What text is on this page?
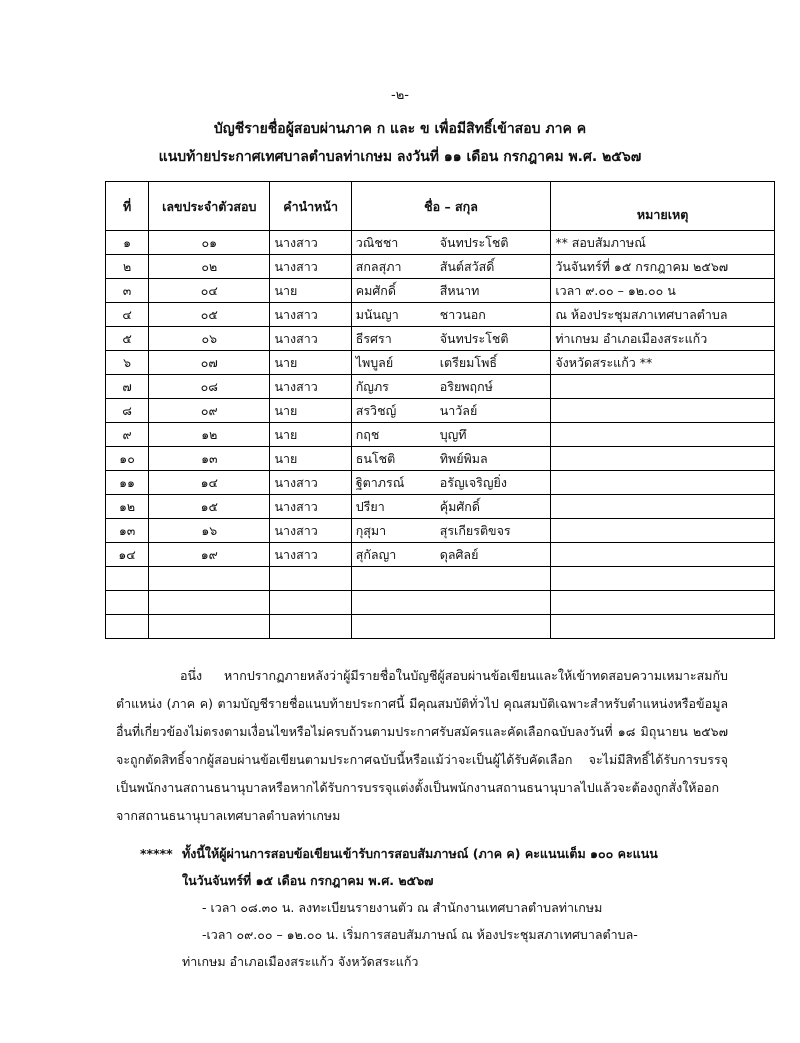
-๒-
บัญชีรายชื่อผู้สอบผ่านภาค ก และ ข เพื่อมีสิทธิ์เข้าสอบ ภาค ค
แนบท้ายประกาศเทศบาลตำบลท่าเกษม ลงวันที่ ๑๑ เดือน กรกฎาคม พ.ศ. ๒๕๖๗
ที่	เลขประจำตัวสอบ	คำนำหน้า	ชื่อ – สกุล	หมายเหตุ
๑	๐๑	นางสาว	วณิชชา จันทประโชติ	** สอบสัมภาษณ์
๒	๐๒	นางสาว	สกลสุภา สันต์สวัสดิ์	วันจันทร์ที่ ๑๕ กรกฎาคม ๒๕๖๗
๓	๐๔	นาย	คมศักดิ์ สีหนาท	เวลา ๙.๐๐ – ๑๒.๐๐ น
๔	๐๕	นางสาว	มนันญา ชาวนอก	ณ ห้องประชุมสภาเทศบาลตำบล
๕	๐๖	นางสาว	ธีรศรา จันทประโชติ	ท่าเกษม อำเภอเมืองสระแก้ว
๖	๐๗	นาย	ไพบูลย์ เตรียมโพธิ์	จังหวัดสระแก้ว **
๗	๐๘	นางสาว	กัญภร อริยพฤกษ์	
๘	๐๙	นาย	สรวิชญ์ นาวัลย์	
๙	๑๒	นาย	กฤช บุญทึ	
๑๐	๑๓	นาย	ธนโชติ ทิพย์พิมล	
๑๑	๑๔	นางสาว	ฐิตาภรณ์ อรัญเจริญยิ่ง	
๑๒	๑๕	นางสาว	ปรียา คุ้มศักดิ์	
๑๓	๑๖	นางสาว	กุสุมา สุรเกียรติขจร	
๑๔	๑๙	นางสาว	สุกัลญา ดุลศิลย์	

อนึ่ง หากปรากฏภายหลังว่าผู้มีรายชื่อในบัญชีผู้สอบผ่านข้อเขียนและให้เข้าทดสอบความเหมาะสมกับตำแหน่ง (ภาค ค) ตามบัญชีรายชื่อแนบท้ายประกาศนี้ มีคุณสมบัติทั่วไป คุณสมบัติเฉพาะสำหรับตำแหน่งหรือข้อมูลอื่นที่เกี่ยวข้องไม่ตรงตามเงื่อนไขหรือไม่ครบถ้วนตามประกาศรับสมัครและคัดเลือกฉบับลงวันที่ ๑๘ มิถุนายน ๒๕๖๗ จะถูกตัดสิทธิ์จากผู้สอบผ่านข้อเขียนตามประกาศฉบับนี้หรือแม้ว่าจะเป็นผู้ได้รับคัดเลือก จะไม่มีสิทธิ์ได้รับการบรรจุเป็นพนักงานสถานธนานุบาลหรือหากได้รับการบรรจุแต่งตั้งเป็นพนักงานสถานธนานุบาลไปแล้วจะต้องถูกสั่งให้ออกจากสถานธนานุบาลเทศบาลตำบลท่าเกษม

***** ทั้งนี้ให้ผู้ผ่านการสอบข้อเขียนเข้ารับการสอบสัมภาษณ์ (ภาค ค) คะแนนเต็ม ๑๐๐ คะแนน
ในวันจันทร์ที่ ๑๕ เดือน กรกฎาคม พ.ศ. ๒๕๖๗
- เวลา ๐๘.๓๐ น. ลงทะเบียนรายงานตัว ณ สำนักงานเทศบาลตำบลท่าเกษม
-เวลา ๐๙.๐๐ – ๑๒.๐๐ น. เริ่มการสอบสัมภาษณ์ ณ ห้องประชุมสภาเทศบาลตำบล-
ท่าเกษม อำเภอเมืองสระแก้ว จังหวัดสระแก้ว
